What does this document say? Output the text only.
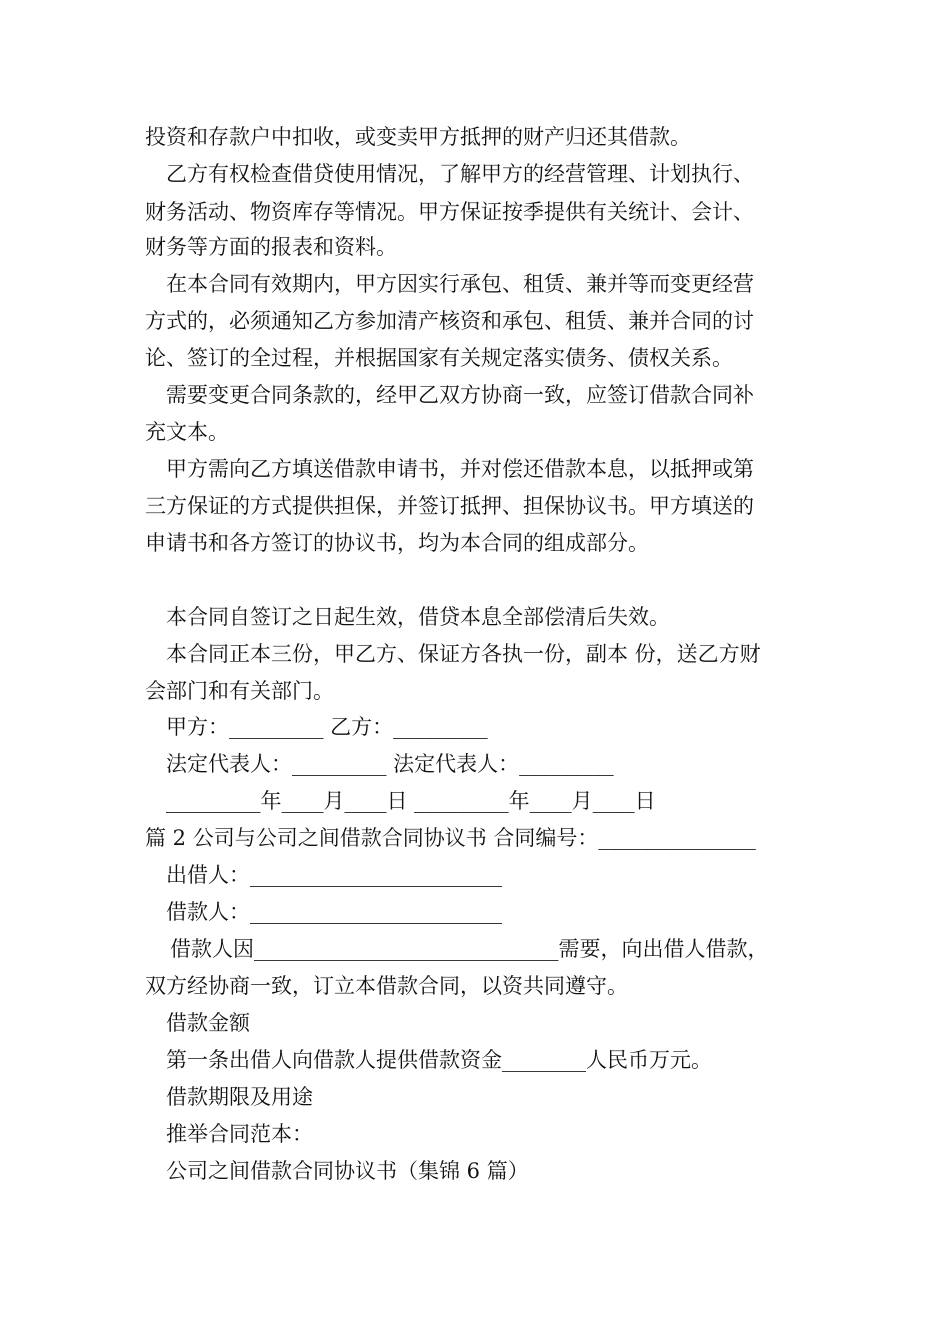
投资和存款户中扣收，或变卖甲方抵押的财产归还其借款。
乙方有权检查借贷使用情况，了解甲方的经营管理、计划执行、
财务活动、物资库存等情况。甲方保证按季提供有关统计、会计、
财务等方面的报表和资料。
在本合同有效期内，甲方因实行承包、租赁、兼并等而变更经营
方式的，必须通知乙方参加清产核资和承包、租赁、兼并合同的讨
论、签订的全过程，并根据国家有关规定落实债务、债权关系。
需要变更合同条款的，经甲乙双方协商一致，应签订借款合同补
充文本。
甲方需向乙方填送借款申请书，并对偿还借款本息，以抵押或第
三方保证的方式提供担保，并签订抵押、担保协议书。甲方填送的
申请书和各方签订的协议书，均为本合同的组成部分。
本合同自签订之日起生效，借贷本息全部偿清后失效。
本合同正本三份，甲乙方、保证方各执一份，副本 份，送乙方财
会部门和有关部门。
甲方：_________ 乙方：_________
法定代表人：_________ 法定代表人：_________
_________年____月____日 _________年____月____日
篇 2 公司与公司之间借款合同协议书 合同编号：_______________
出借人：________________________
借款人：________________________
借款人因_____________________________需要，向出借人借款，
双方经协商一致，订立本借款合同，以资共同遵守。
借款金额
第一条出借人向借款人提供借款资金________人民币万元。
借款期限及用途
推举合同范本：
公司之间借款合同协议书（集锦 6 篇）
